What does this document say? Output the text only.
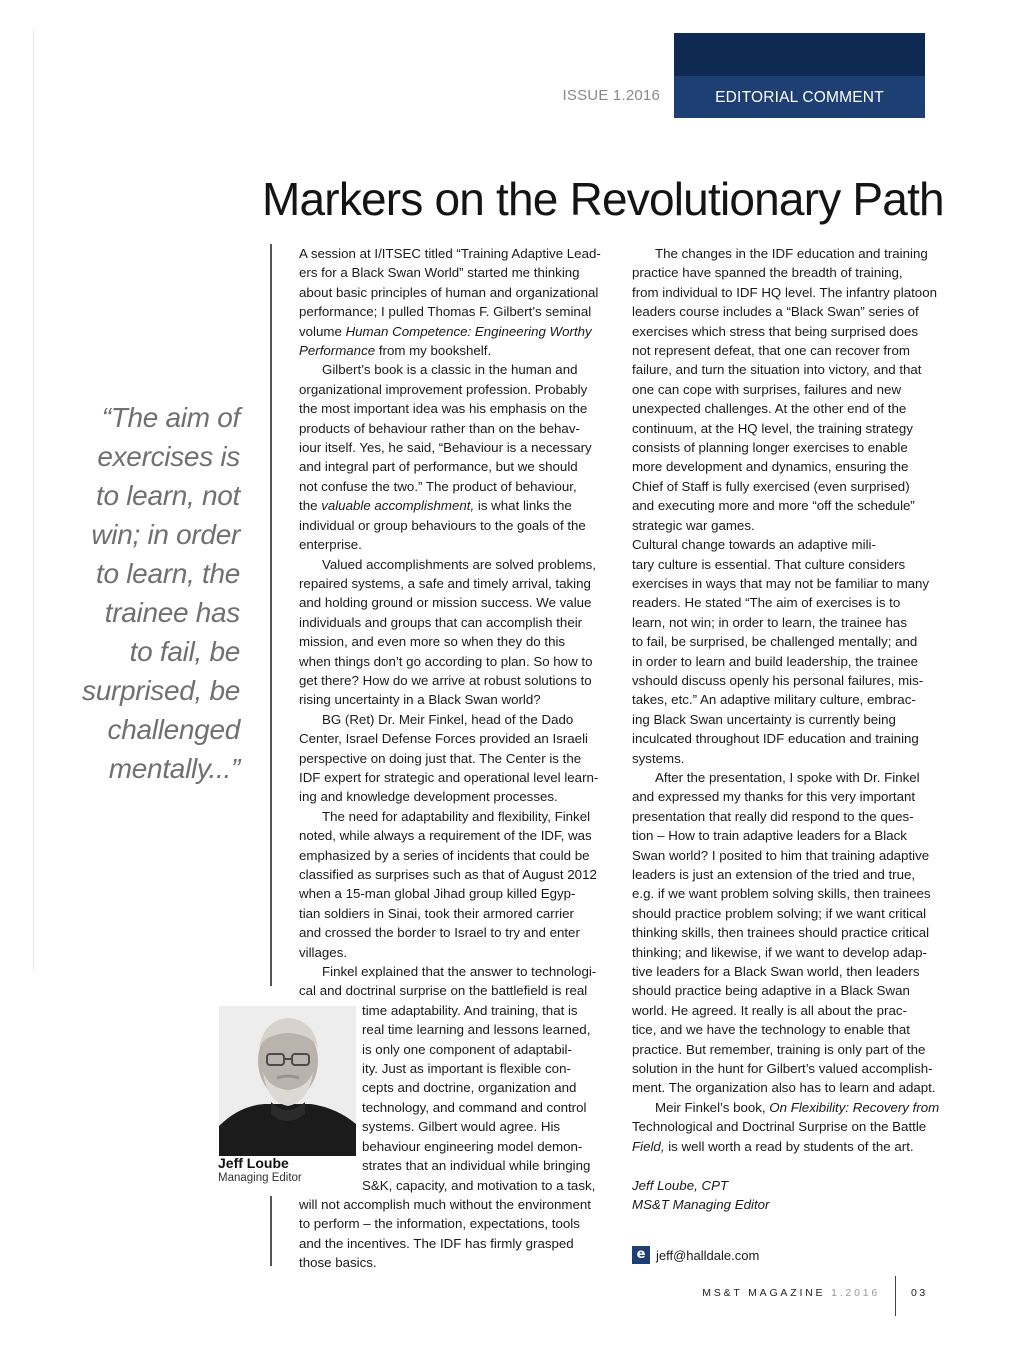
ISSUE 1.2016	EDITORIAL COMMENT
Markers on the Revolutionary Path
“The aim of
exercises is
to learn, not
win; in order
to learn, the
trainee has
to fail, be
surprised, be
challenged
mentally...”
A session at I/ITSEC titled “Training Adaptive Lead-
ers for a Black Swan World” started me thinking
about basic principles of human and organizational
performance; I pulled Thomas F. Gilbert’s seminal
volume Human Competence: Engineering Worthy
Performance from my bookshelf.
Gilbert’s book is a classic in the human and
organizational improvement profession. Probably
the most important idea was his emphasis on the
products of behaviour rather than on the behav-
iour itself. Yes, he said, “Behaviour is a necessary
and integral part of performance, but we should
not confuse the two.” The product of behaviour,
the valuable accomplishment, is what links the
individual or group behaviours to the goals of the
enterprise.
Valued accomplishments are solved problems,
repaired systems, a safe and timely arrival, taking
and holding ground or mission success. We value
individuals and groups that can accomplish their
mission, and even more so when they do this
when things don’t go according to plan. So how to
get there? How do we arrive at robust solutions to
rising uncertainty in a Black Swan world?
BG (Ret) Dr. Meir Finkel, head of the Dado
Center, Israel Defense Forces provided an Israeli
perspective on doing just that. The Center is the
IDF expert for strategic and operational level learn-
ing and knowledge development processes.
The need for adaptability and flexibility, Finkel
noted, while always a requirement of the IDF, was
emphasized by a series of incidents that could be
classified as surprises such as that of August 2012
when a 15-man global Jihad group killed Egyp-
tian soldiers in Sinai, took their armored carrier
and crossed the border to Israel to try and enter
villages.
Finkel explained that the answer to technologi-
cal and doctrinal surprise on the battlefield is real
time adaptability. And training, that is
real time learning and lessons learned,
is only one component of adaptabil-
ity. Just as important is flexible con-
cepts and doctrine, organization and
technology, and command and control
systems. Gilbert would agree. His
behaviour engineering model demon-
strates that an individual while bringing
S&K, capacity, and motivation to a task,
will not accomplish much without the environment
to perform – the information, expectations, tools
and the incentives. The IDF has firmly grasped
those basics.
The changes in the IDF education and training
practice have spanned the breadth of training,
from individual to IDF HQ level. The infantry platoon
leaders course includes a “Black Swan” series of
exercises which stress that being surprised does
not represent defeat, that one can recover from
failure, and turn the situation into victory, and that
one can cope with surprises, failures and new
unexpected challenges. At the other end of the
continuum, at the HQ level, the training strategy
consists of planning longer exercises to enable
more development and dynamics, ensuring the
Chief of Staff is fully exercised (even surprised)
and executing more and more “off the schedule”
strategic war games.
Cultural change towards an adaptive mili-
tary culture is essential. That culture considers
exercises in ways that may not be familiar to many
readers. He stated “The aim of exercises is to
learn, not win; in order to learn, the trainee has
to fail, be surprised, be challenged mentally; and
in order to learn and build leadership, the trainee
vshould discuss openly his personal failures, mis-
takes, etc.” An adaptive military culture, embrac-
ing Black Swan uncertainty is currently being
inculcated throughout IDF education and training
systems.
After the presentation, I spoke with Dr. Finkel
and expressed my thanks for this very important
presentation that really did respond to the ques-
tion – How to train adaptive leaders for a Black
Swan world? I posited to him that training adaptive
leaders is just an extension of the tried and true,
e.g. if we want problem solving skills, then trainees
should practice problem solving; if we want critical
thinking skills, then trainees should practice critical
thinking; and likewise, if we want to develop adap-
tive leaders for a Black Swan world, then leaders
should practice being adaptive in a Black Swan
world. He agreed. It really is all about the prac-
tice, and we have the technology to enable that
practice. But remember, training is only part of the
solution in the hunt for Gilbert’s valued accomplish-
ment. The organization also has to learn and adapt.
Meir Finkel’s book, On Flexibility: Recovery from
Technological and Doctrinal Surprise on the Battle
Field, is well worth a read by students of the art.

Jeff Loube, CPT
MS&T Managing Editor
Jeff Loube
Managing Editor
e jeff@halldale.com
MS&T MAGAZINE 1.2016	03
